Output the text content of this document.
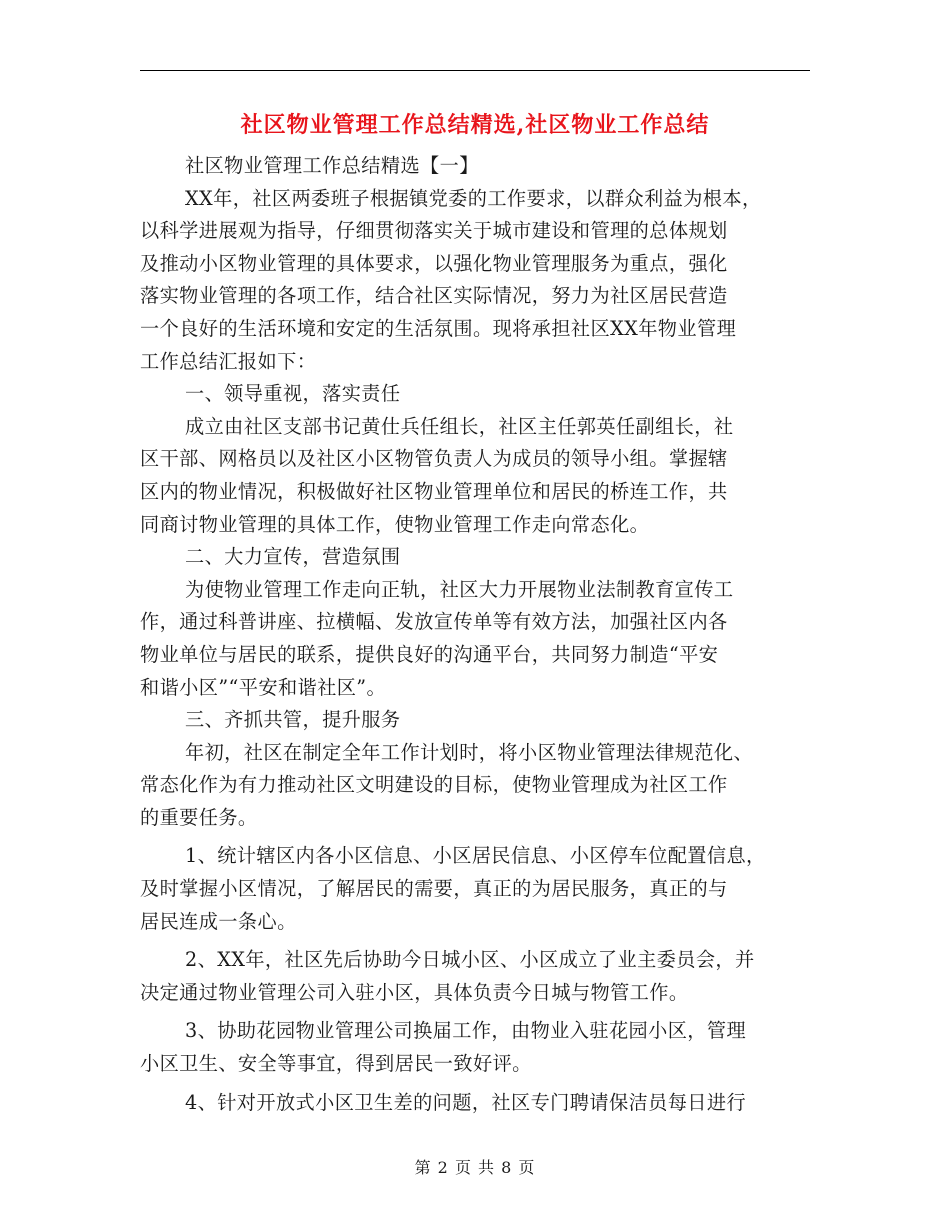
社区物业管理工作总结精选,社区物业工作总结
社区物业管理工作总结精选【一】
XX年，社区两委班子根据镇党委的工作要求，以群众利益为根本，
以科学进展观为指导，仔细贯彻落实关于城市建设和管理的总体规划
及推动小区物业管理的具体要求，以强化物业管理服务为重点，强化
落实物业管理的各项工作，结合社区实际情况，努力为社区居民营造
一个良好的生活环境和安定的生活氛围。现将承担社区XX年物业管理
工作总结汇报如下：
一、领导重视，落实责任
成立由社区支部书记黄仕兵任组长，社区主任郭英任副组长，社
区干部、网格员以及社区小区物管负责人为成员的领导小组。掌握辖
区内的物业情况，积极做好社区物业管理单位和居民的桥连工作，共
同商讨物业管理的具体工作，使物业管理工作走向常态化。
二、大力宣传，营造氛围
为使物业管理工作走向正轨，社区大力开展物业法制教育宣传工
作，通过科普讲座、拉横幅、发放宣传单等有效方法，加强社区内各
物业单位与居民的联系，提供良好的沟通平台，共同努力制造“平安
和谐小区”“平安和谐社区”。
三、齐抓共管，提升服务
年初，社区在制定全年工作计划时，将小区物业管理法律规范化、
常态化作为有力推动社区文明建设的目标，使物业管理成为社区工作
的重要任务。
1、统计辖区内各小区信息、小区居民信息、小区停车位配置信息，
及时掌握小区情况，了解居民的需要，真正的为居民服务，真正的与
居民连成一条心。
2、XX年，社区先后协助今日城小区、小区成立了业主委员会，并
决定通过物业管理公司入驻小区，具体负责今日城与物管工作。
3、协助花园物业管理公司换届工作，由物业入驻花园小区，管理
小区卫生、安全等事宜，得到居民一致好评。
4、针对开放式小区卫生差的问题，社区专门聘请保洁员每日进行
第 2 页 共 8 页
